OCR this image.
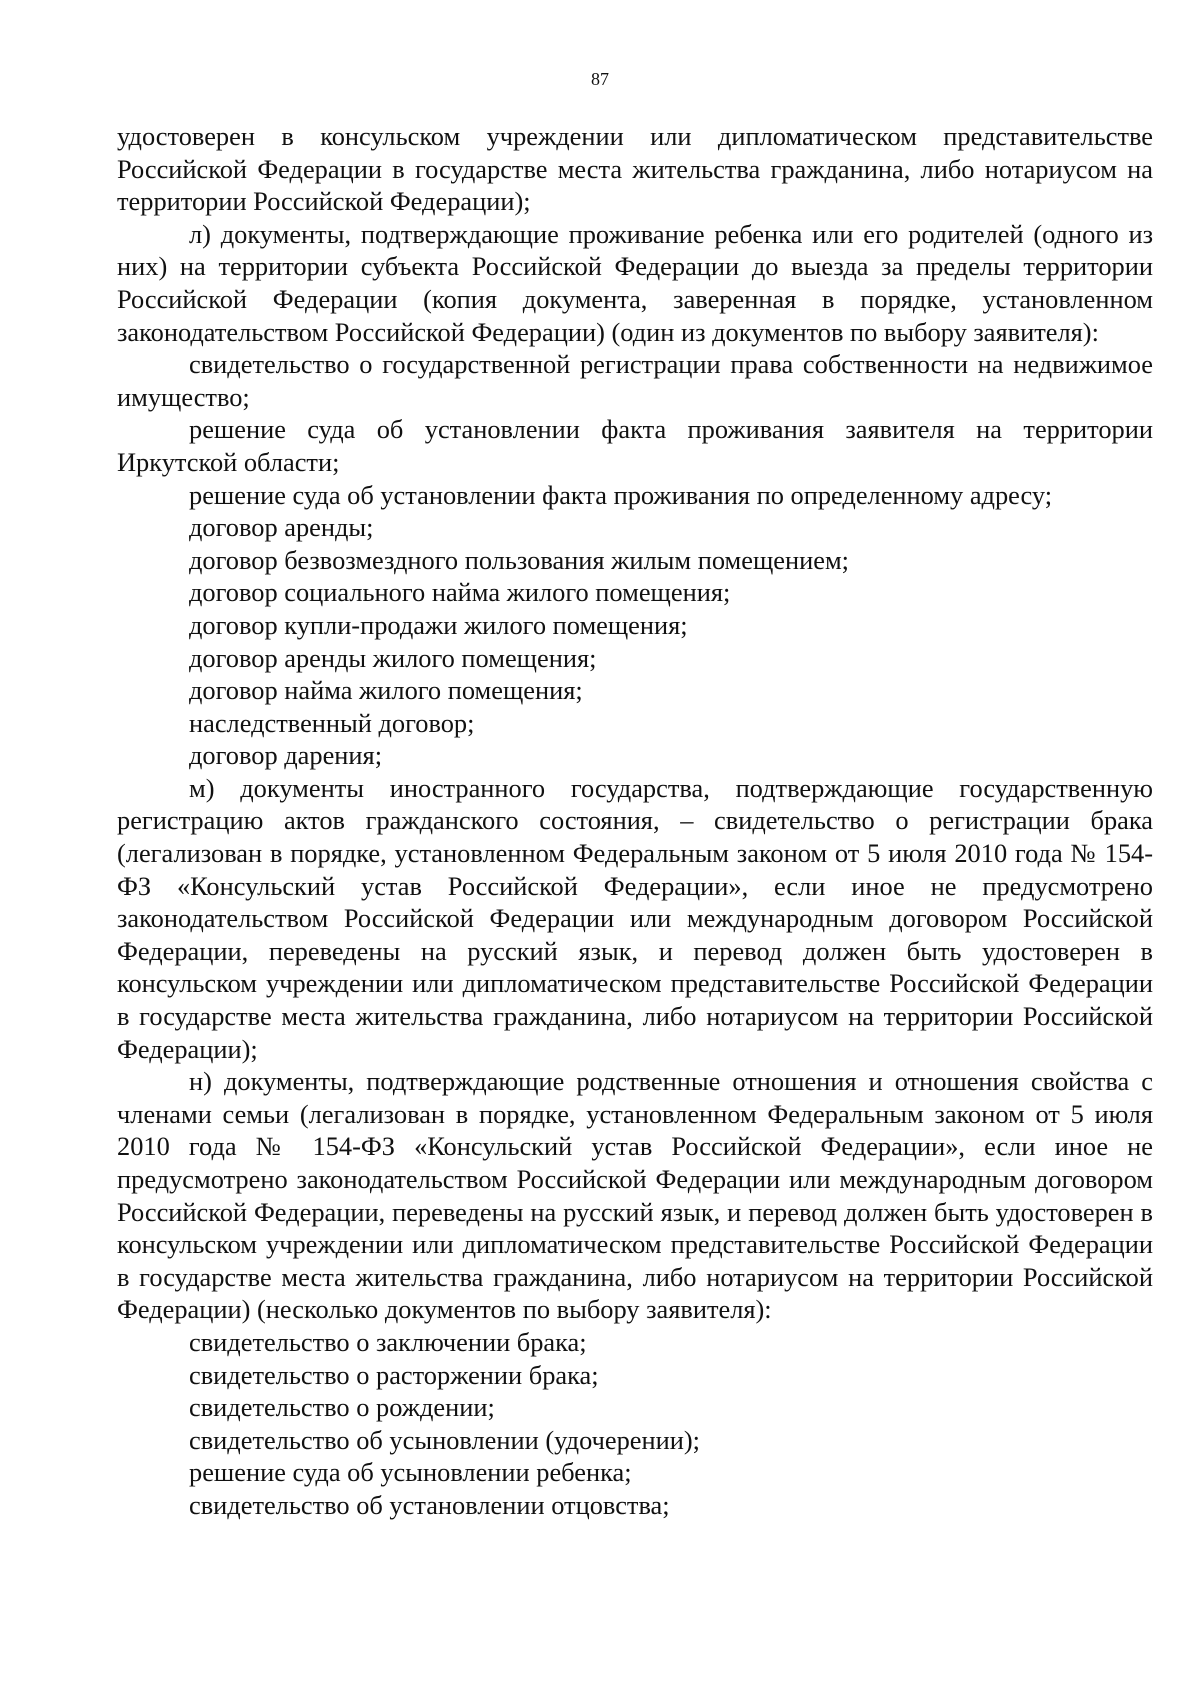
87

удостоверен в консульском учреждении или дипломатическом представительстве Российской Федерации в государстве места жительства гражданина, либо нотариусом на территории Российской Федерации);

л) документы, подтверждающие проживание ребенка или его родителей (одного из них) на территории субъекта Российской Федерации до выезда за пределы территории Российской Федерации (копия документа, заверенная в порядке, установленном законодательством Российской Федерации) (один из документов по выбору заявителя):

свидетельство о государственной регистрации права собственности на недвижимое имущество;

решение суда об установлении факта проживания заявителя на территории Иркутской области;

решение суда об установлении факта проживания по определенному адресу;

договор аренды;

договор безвозмездного пользования жилым помещением;

договор социального найма жилого помещения;

договор купли-продажи жилого помещения;

договор аренды жилого помещения;

договор найма жилого помещения;

наследственный договор;

договор дарения;

м) документы иностранного государства, подтверждающие государственную регистрацию актов гражданского состояния, – свидетельство о регистрации брака (легализован в порядке, установленном Федеральным законом от 5 июля 2010 года № 154-ФЗ «Консульский устав Российской Федерации», если иное не предусмотрено законодательством Российской Федерации или международным договором Российской Федерации, переведены на русский язык, и перевод должен быть удостоверен в консульском учреждении или дипломатическом представительстве Российской Федерации в государстве места жительства гражданина, либо нотариусом на территории Российской Федерации);

н) документы, подтверждающие родственные отношения и отношения свойства с членами семьи (легализован в порядке, установленном Федеральным законом от 5 июля 2010 года № 154-ФЗ «Консульский устав Российской Федерации», если иное не предусмотрено законодательством Российской Федерации или международным договором Российской Федерации, переведены на русский язык, и перевод должен быть удостоверен в консульском учреждении или дипломатическом представительстве Российской Федерации в государстве места жительства гражданина, либо нотариусом на территории Российской Федерации) (несколько документов по выбору заявителя):

свидетельство о заключении брака;

свидетельство о расторжении брака;

свидетельство о рождении;

свидетельство об усыновлении (удочерении);

решение суда об усыновлении ребенка;

свидетельство об установлении отцовства;
